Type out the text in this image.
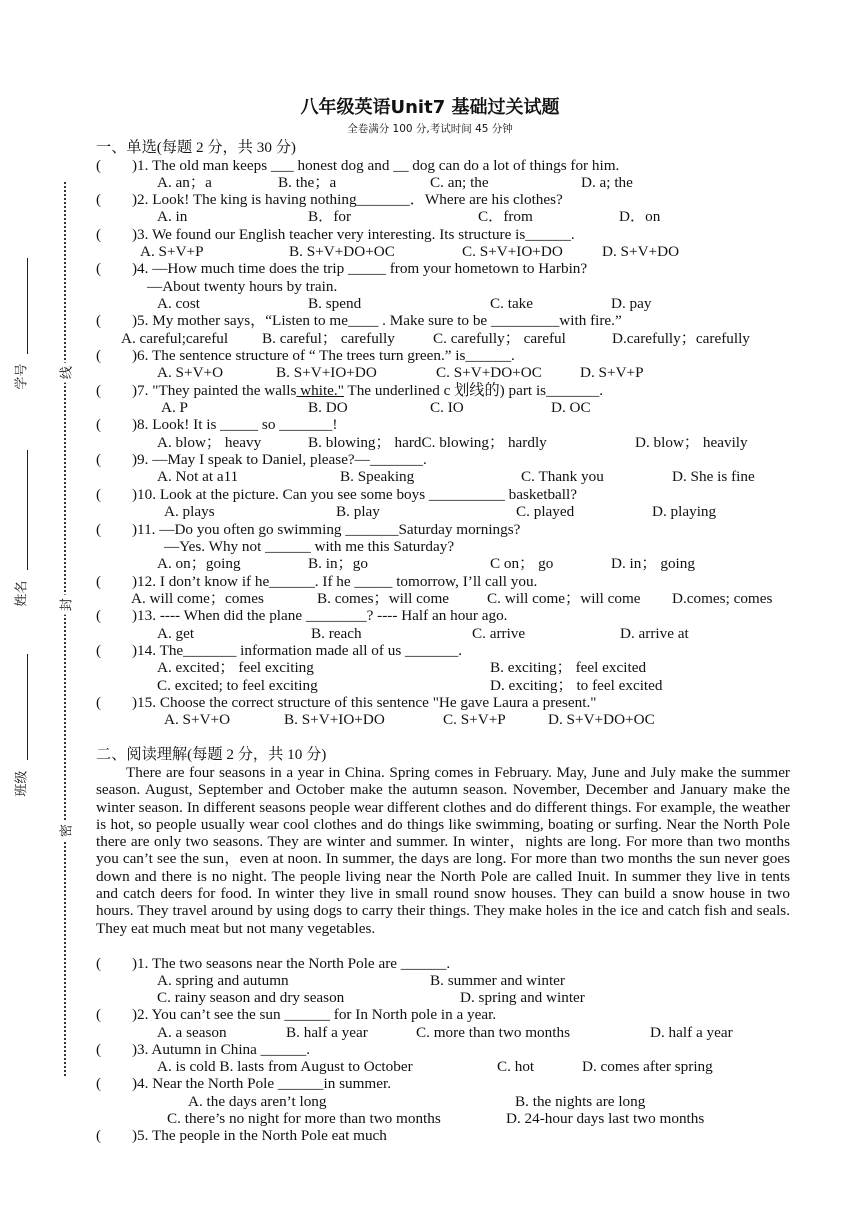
线
封
密
学号
姓名
班级
八年级英语Unit7 基础过关试题
全卷满分 100 分,考试时间 45 分钟
一、单选(每题 2 分，共 30 分)
( )1. The old man keeps ___ honest dog and __ dog can do a lot of things for him.
A. an；a	B. the；a	C. an; the	D. a; the
( )2. Look! The king is having nothing_______．Where are his clothes?
A. in	B．for	C．from	D．on
( )3. We found our English teacher very interesting. Its structure is______.
A. S+V+P	B. S+V+DO+OC	C. S+V+IO+DO	D. S+V+DO
( )4. —How much time does the trip _____ from your hometown to Harbin?
—About twenty hours by train.
A. cost	B. spend	C. take	D. pay
( )5. My mother says，“Listen to me____ . Make sure to be _________with fire.”
A. careful;careful B. careful； carefully	C. carefully； careful	D.carefully；carefully
( )6. The sentence structure of “ The trees turn green.” is______.
A. S+V+O	B. S+V+IO+DO	C. S+V+DO+OC	D. S+V+P
( )7. "They painted the walls white." The underlined c 划线的) part is_______.
A. P	B. DO	C. IO	D. OC
( )8. Look! It is _____ so _______!
A. blow； heavy	B. blowing； hardC. blowing； hardly	D. blow； heavily
( )9. —May I speak to Daniel, please?—_______.
A. Not at a11	B. Speaking	C. Thank you	D. She is fine
( )10. Look at the picture. Can you see some boys __________ basketball?
A. plays	B. play	C. played	D. playing
( )11. —Do you often go swimming _______Saturday mornings?
—Yes. Why not ______ with me this Saturday?
A. on；going	B. in；go	C on； go	D. in； going
( )12. I don’t know if he______. If he _____ tomorrow, I’ll call you.
A. will come；comes	B. comes；will come C. will come；will come D.comes; comes
( )13. ---- When did the plane ________? ---- Half an hour ago.
A. get	B. reach	C. arrive	D. arrive at
( )14. The_______ information made all of us _______.
A. excited； feel exciting	B. exciting； feel excited
C. excited; to feel exciting	D. exciting； to feel excited
( )15. Choose the correct structure of this sentence "He gave Laura a present."
A. S+V+O	B. S+V+IO+DO	C. S+V+P	D. S+V+DO+OC
二、阅读理解(每题 2 分，共 10 分)
There are four seasons in a year in China. Spring comes in February. May, June and July make the summer season. August, September and October make the autumn season. November, December and January make the winter season. In different seasons people wear different clothes and do different things. For example, the weather is hot, so people usually wear cool clothes and do things like swimming, boating or surfing. Near the North Pole there are only two seasons. They are winter and summer. In winter，nights are long. For more than two months you can’t see the sun，even at noon. In summer, the days are long. For more than two months the sun never goes down and there is no night. The people living near the North Pole are called Inuit. In summer they live in tents and catch deers for food. In winter they live in small round snow houses. They can build a snow house in two hours. They travel around by using dogs to carry their things. They make holes in the ice and catch fish and seals. They eat much meat but not many vegetables.
( )1. The two seasons near the North Pole are ______.
A. spring and autumn	B. summer and winter
C. rainy season and dry season	D. spring and winter
( )2. You can’t see the sun ______ for In North pole in a year.
A. a season	B. half a year	C. more than two months	D. half a year
( )3. Autumn in China ______.
A. is cold B. lasts from August to October	C. hot	D. comes after spring
( )4. Near the North Pole ______in summer.
A. the days aren’t long	B. the nights are long
C. there’s no night for more than two months	D. 24-hour days last two months
( )5. The people in the North Pole eat much
